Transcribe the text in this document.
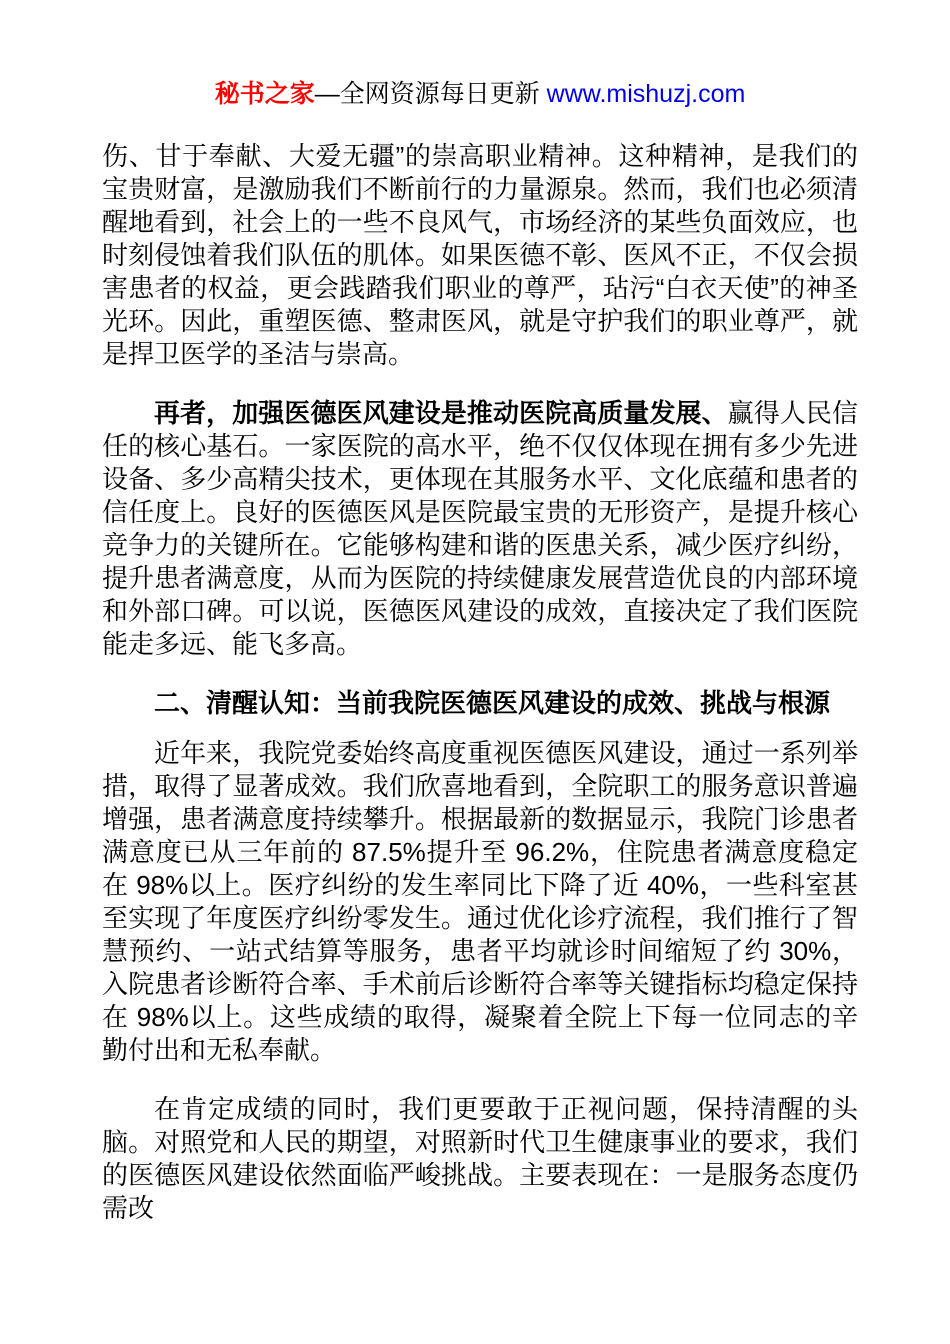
秘书之家—全网资源每日更新 www.mishuzj.com

伤、甘于奉献、大爱无疆”的崇高职业精神。这种精神，是我们的宝贵财富，是激励我们不断前行的力量源泉。然而，我们也必须清醒地看到，社会上的一些不良风气，市场经济的某些负面效应，也时刻侵蚀着我们队伍的肌体。如果医德不彰、医风不正，不仅会损害患者的权益，更会践踏我们职业的尊严，玷污“白衣天使”的神圣光环。因此，重塑医德、整肃医风，就是守护我们的职业尊严，就是捍卫医学的圣洁与崇高。

再者，加强医德医风建设是推动医院高质量发展、赢得人民信任的核心基石。一家医院的高水平，绝不仅仅体现在拥有多少先进设备、多少高精尖技术，更体现在其服务水平、文化底蕴和患者的信任度上。良好的医德医风是医院最宝贵的无形资产，是提升核心竞争力的关键所在。它能够构建和谐的医患关系，减少医疗纠纷，提升患者满意度，从而为医院的持续健康发展营造优良的内部环境和外部口碑。可以说，医德医风建设的成效，直接决定了我们医院能走多远、能飞多高。

二、清醒认知：当前我院医德医风建设的成效、挑战与根源

近年来，我院党委始终高度重视医德医风建设，通过一系列举措，取得了显著成效。我们欣喜地看到，全院职工的服务意识普遍增强，患者满意度持续攀升。根据最新的数据显示，我院门诊患者满意度已从三年前的 87.5%提升至 96.2%，住院患者满意度稳定在 98%以上。医疗纠纷的发生率同比下降了近 40%，一些科室甚至实现了年度医疗纠纷零发生。通过优化诊疗流程，我们推行了智慧预约、一站式结算等服务，患者平均就诊时间缩短了约 30%，入院患者诊断符合率、手术前后诊断符合率等关键指标均稳定保持在 98%以上。这些成绩的取得，凝聚着全院上下每一位同志的辛勤付出和无私奉献。

在肯定成绩的同时，我们更要敢于正视问题，保持清醒的头脑。对照党和人民的期望，对照新时代卫生健康事业的要求，我们的医德医风建设依然面临严峻挑战。主要表现在：一是服务态度仍需改
